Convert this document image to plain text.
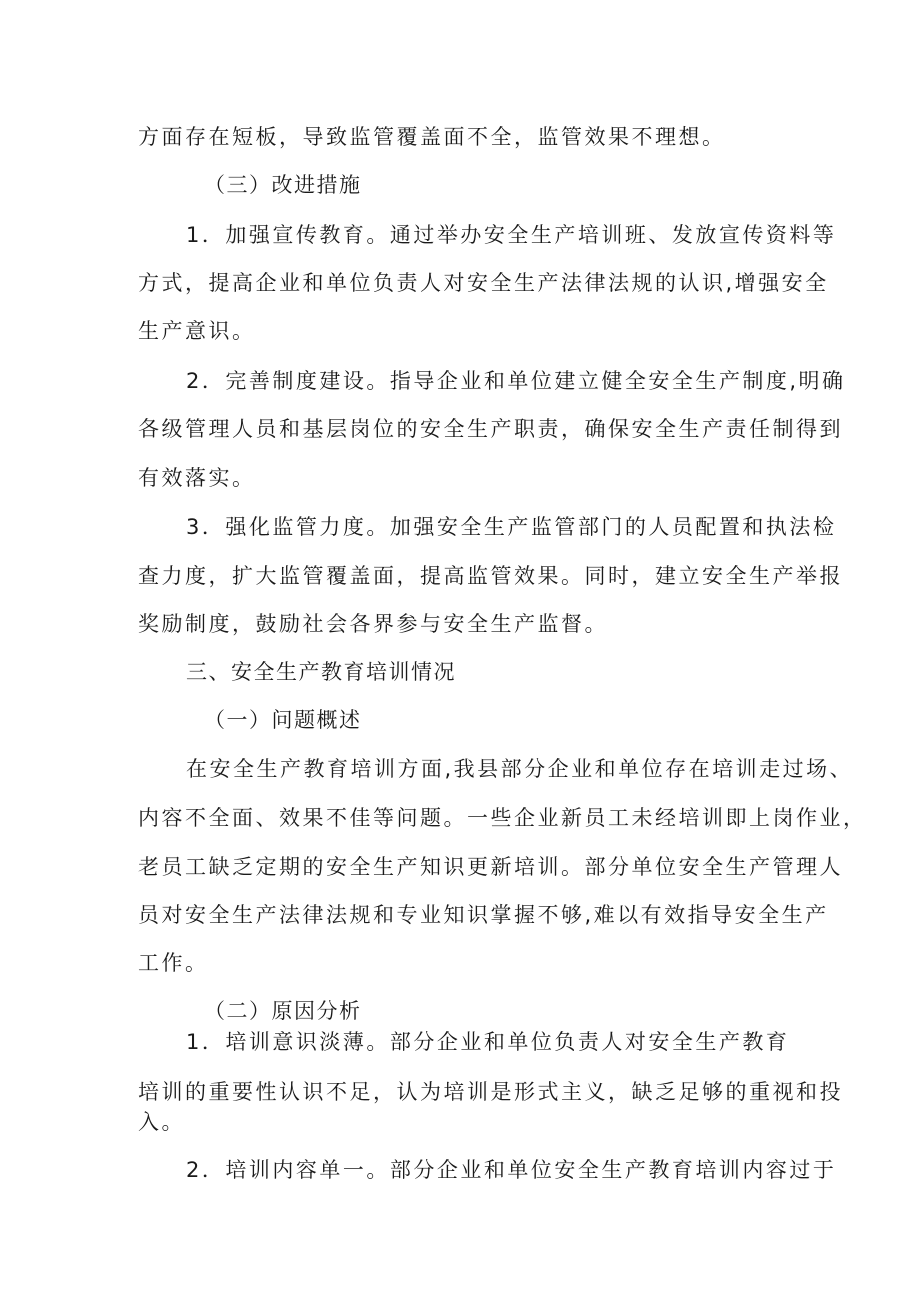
方面存在短板，导致监管覆盖面不全，监管效果不理想。
（三）改进措施
1．加强宣传教育。通过举办安全生产培训班、发放宣传资料等
方式，提高企业和单位负责人对安全生产法律法规的认识,增强安全
生产意识。
2．完善制度建设。指导企业和单位建立健全安全生产制度,明确
各级管理人员和基层岗位的安全生产职责，确保安全生产责任制得到
有效落实。
3．强化监管力度。加强安全生产监管部门的人员配置和执法检
查力度，扩大监管覆盖面，提高监管效果。同时，建立安全生产举报
奖励制度，鼓励社会各界参与安全生产监督。
三、安全生产教育培训情况
（一）问题概述
在安全生产教育培训方面,我县部分企业和单位存在培训走过场、
内容不全面、效果不佳等问题。一些企业新员工未经培训即上岗作业，
老员工缺乏定期的安全生产知识更新培训。部分单位安全生产管理人
员对安全生产法律法规和专业知识掌握不够,难以有效指导安全生产
工作。
（二）原因分析
1．培训意识淡薄。部分企业和单位负责人对安全生产教育
培训的重要性认识不足，认为培训是形式主义，缺乏足够的重视和投
入。
2．培训内容单一。部分企业和单位安全生产教育培训内容过于
